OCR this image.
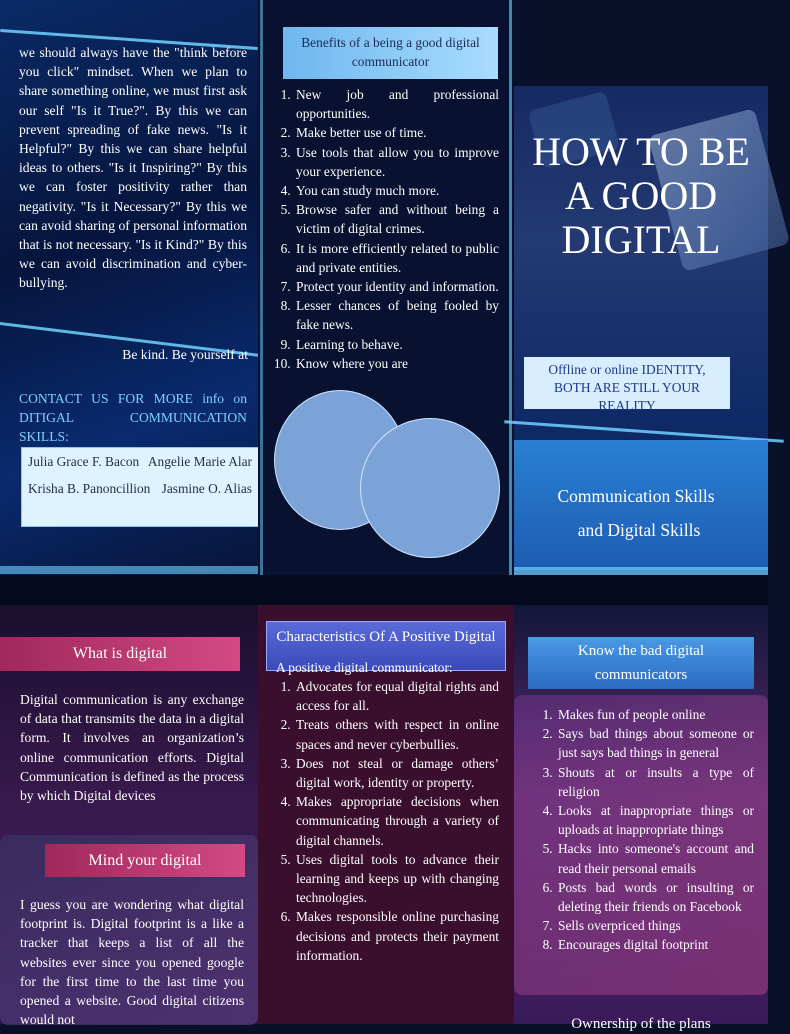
we should always have the "think before you click" mindset. When we plan to share something online, we must first ask our self "Is it True?". By this we can prevent spreading of fake news. "Is it Helpful?" By this we can share helpful ideas to others. "Is it Inspiring?" By this we can foster positivity rather than negativity. "Is it Necessary?" By this we can avoid sharing of personal information that is not necessary. "Is it Kind?" By this we can avoid discrimination and cyber-bullying.
Be kind. Be yourself at
CONTACT US FOR MORE info on DITIGAL COMMUNICATION SKILLS:
Julia Grace F. Bacon Angelie Marie Alar
Krisha B. Panoncillion Jasmine O. Alias
Benefits of a being a good digital communicator
1. New job and professional opportunities.
2. Make better use of time.
3. Use tools that allow you to improve your experience.
4. You can study much more.
5. Browse safer and without being a victim of digital crimes.
6. It is more efficiently related to public and private entities.
7. Protect your identity and information.
8. Lesser chances of being fooled by fake news.
9. Learning to behave.
10. Know where you are
HOW TO BE A GOOD DIGITAL
Offline or online IDENTITY, BOTH ARE STILL YOUR REALITY
Communication Skills
and Digital Skills
What is digital
Digital communication is any exchange of data that transmits the data in a digital form. It involves an organization’s online communication efforts. Digital Communication is defined as the process by which Digital devices
Mind your digital
I guess you are wondering what digital footprint is. Digital footprint is a like a tracker that keeps a list of all the websites ever since you opened google for the first time to the last time you opened a website. Good digital citizens would not
Characteristics Of A Positive Digital
A positive digital communicator:
1. Advocates for equal digital rights and access for all.
2. Treats others with respect in online spaces and never cyberbullies.
3. Does not steal or damage others’ digital work, identity or property.
4. Makes appropriate decisions when communicating through a variety of digital channels.
5. Uses digital tools to advance their learning and keeps up with changing technologies.
6. Makes responsible online purchasing decisions and protects their payment information.
Know the bad digital communicators
1. Makes fun of people online
2. Says bad things about someone or just says bad things in general
3. Shouts at or insults a type of religion
4. Looks at inappropriate things or uploads at inappropriate things
5. Hacks into someone's account and read their personal emails
6. Posts bad words or insulting or deleting their friends on Facebook
7. Sells overpriced things
8. Encourages digital footprint
Ownership of the plans
